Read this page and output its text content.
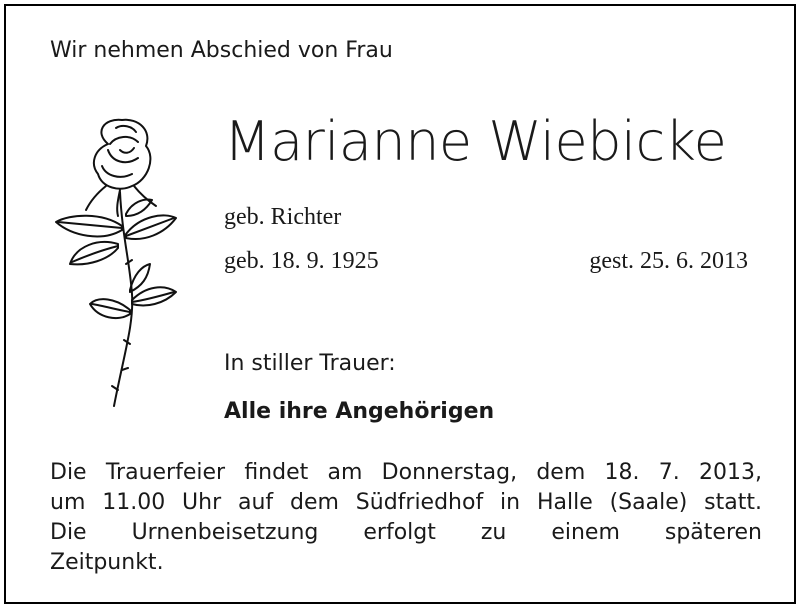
Wir nehmen Abschied von Frau
Marianne Wiebicke
geb. Richter
geb. 18. 9. 1925	gest. 25. 6. 2013
In stiller Trauer:
Alle ihre Angehörigen
Die Trauerfeier findet am Donnerstag, dem 18. 7. 2013,
um 11.00 Uhr auf dem Südfriedhof in Halle (Saale) statt.
Die Urnenbeisetzung erfolgt zu einem späteren
Zeitpunkt.
